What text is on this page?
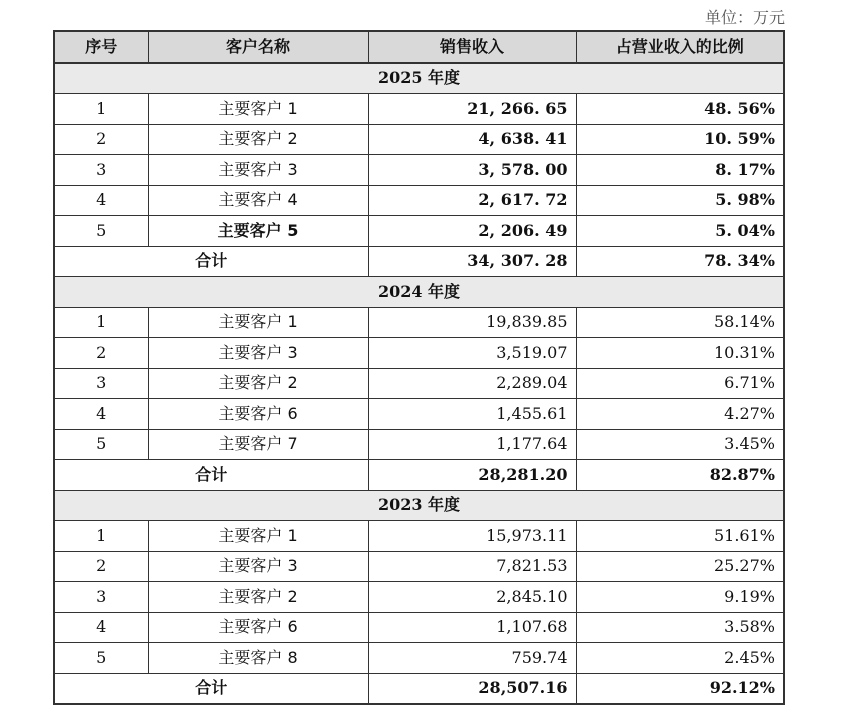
单位：万元
序号	客户名称	销售收入	占营业收入的比例
2025 年度			
1	主要客户 1	21, 266. 65	48. 56%
2	主要客户 2	4, 638. 41	10. 59%
3	主要客户 3	3, 578. 00	8. 17%
4	主要客户 4	2, 617. 72	5. 98%
5	主要客户 5	2, 206. 49	5. 04%
合计		34, 307. 28	78. 34%
2024 年度			
1	主要客户 1	19,839.85	58.14%
2	主要客户 3	3,519.07	10.31%
3	主要客户 2	2,289.04	6.71%
4	主要客户 6	1,455.61	4.27%
5	主要客户 7	1,177.64	3.45%
合计		28,281.20	82.87%
2023 年度			
1	主要客户 1	15,973.11	51.61%
2	主要客户 3	7,821.53	25.27%
3	主要客户 2	2,845.10	9.19%
4	主要客户 6	1,107.68	3.58%
5	主要客户 8	759.74	2.45%
合计		28,507.16	92.12%
